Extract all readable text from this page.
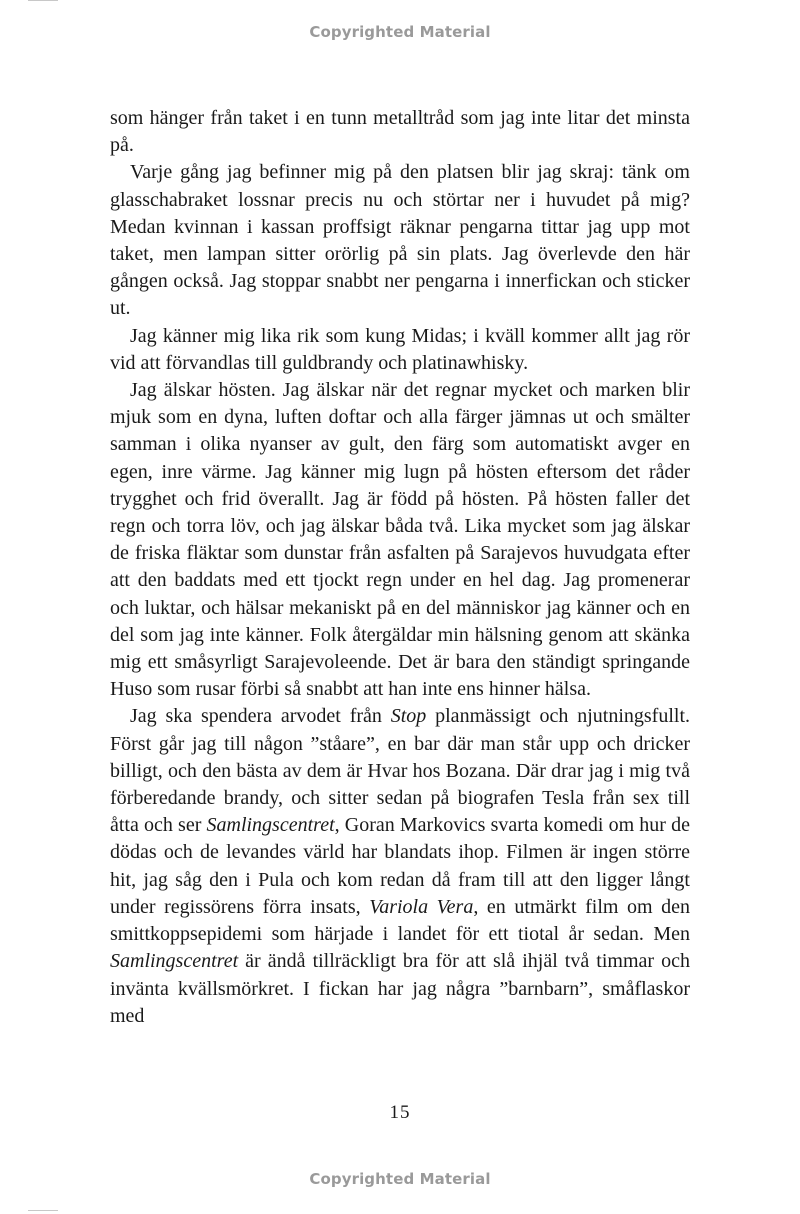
Copyrighted Material

som hänger från taket i en tunn metalltråd som jag inte litar det minsta på.

Varje gång jag befinner mig på den platsen blir jag skraj: tänk om glasschabraket lossnar precis nu och störtar ner i huvudet på mig? Medan kvinnan i kassan proffsigt räknar pengarna tittar jag upp mot taket, men lampan sitter orörlig på sin plats. Jag överlevde den här gången också. Jag stoppar snabbt ner pengarna i innerfickan och sticker ut.

Jag känner mig lika rik som kung Midas; i kväll kommer allt jag rör vid att förvandlas till guldbrandy och platinawhisky.

Jag älskar hösten. Jag älskar när det regnar mycket och marken blir mjuk som en dyna, luften doftar och alla färger jämnas ut och smälter samman i olika nyanser av gult, den färg som automatiskt avger en egen, inre värme. Jag känner mig lugn på hösten eftersom det råder trygghet och frid överallt. Jag är född på hösten. På hösten faller det regn och torra löv, och jag älskar båda två. Lika mycket som jag älskar de friska fläktar som dunstar från asfalten på Sarajevos huvudgata efter att den baddats med ett tjockt regn under en hel dag. Jag promenerar och luktar, och hälsar mekaniskt på en del människor jag känner och en del som jag inte känner. Folk återgäldar min hälsning genom att skänka mig ett småsyrligt Sarajevoleende. Det är bara den ständigt springande Huso som rusar förbi så snabbt att han inte ens hinner hälsa.

Jag ska spendera arvodet från Stop planmässigt och njutningsfullt. Först går jag till någon ”ståare”, en bar där man står upp och dricker billigt, och den bästa av dem är Hvar hos Bozana. Där drar jag i mig två förberedande brandy, och sitter sedan på biografen Tesla från sex till åtta och ser Samlingscentret, Goran Markovics svarta komedi om hur de dödas och de levandes värld har blandats ihop. Filmen är ingen större hit, jag såg den i Pula och kom redan då fram till att den ligger långt under regissörens förra insats, Variola Vera, en utmärkt film om den smittkoppsepidemi som härjade i landet för ett tiotal år sedan. Men Samlingscentret är ändå tillräckligt bra för att slå ihjäl två timmar och invänta kvällsmörkret. I fickan har jag några ”barnbarn”, småflaskor med

15
Copyrighted Material
